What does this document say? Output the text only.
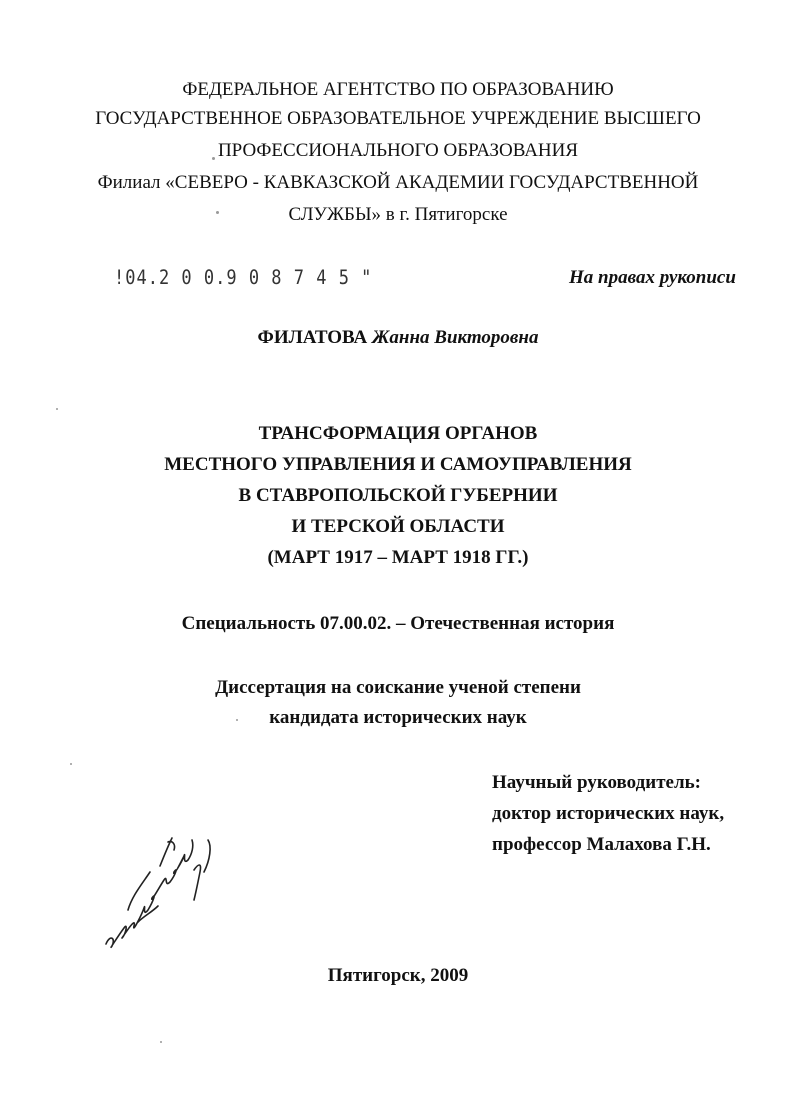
ФЕДЕРАЛЬНОЕ АГЕНТСТВО ПО ОБРАЗОВАНИЮ
ГОСУДАРСТВЕННОЕ ОБРАЗОВАТЕЛЬНОЕ УЧРЕЖДЕНИЕ ВЫСШЕГО
ПРОФЕССИОНАЛЬНОГО ОБРАЗОВАНИЯ
Филиал «СЕВЕРО - КАВКАЗСКОЙ АКАДЕМИИ ГОСУДАРСТВЕННОЙ
СЛУЖБЫ» в г. Пятигорске
!04.2 0 0.9 0 8 7 4 5 "	На правах рукописи
ФИЛАТОВА Жанна Викторовна
ТРАНСФОРМАЦИЯ ОРГАНОВ
МЕСТНОГО УПРАВЛЕНИЯ И САМОУПРАВЛЕНИЯ
В СТАВРОПОЛЬСКОЙ ГУБЕРНИИ
И ТЕРСКОЙ ОБЛАСТИ
(МАРТ 1917 – МАРТ 1918 ГГ.)
Специальность 07.00.02. – Отечественная история
Диссертация на соискание ученой степени
кандидата исторических наук
Научный руководитель:
доктор исторических наук,
профессор Малахова Г.Н.
Пятигорск, 2009
